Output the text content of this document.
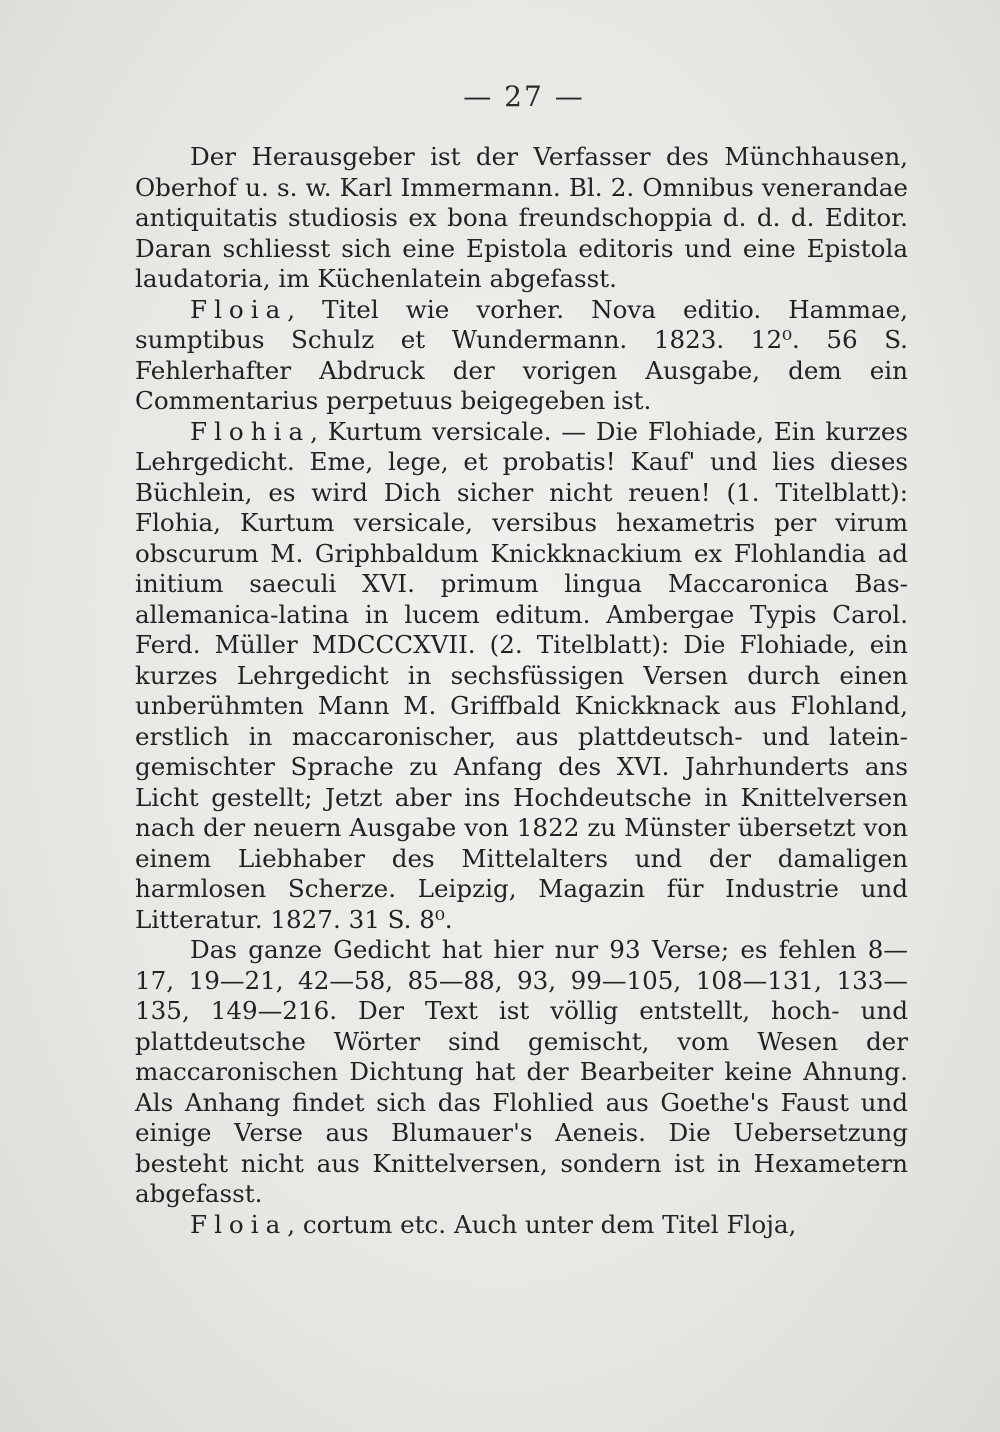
— 27 —

Der Herausgeber ist der Verfasser des Münchhausen, Oberhof u. s. w. Karl Immermann. Bl. 2. Omnibus venerandae antiquitatis studiosis ex bona freundschoppia d. d. d. Editor. Daran schliesst sich eine Epistola editoris und eine Epistola laudatoria, im Küchenlatein abgefasst.

Floia, Titel wie vorher. Nova editio. Hammae, sumptibus Schulz et Wundermann. 1823. 12⁰. 56 S. Fehlerhafter Abdruck der vorigen Ausgabe, dem ein Commentarius perpetuus beigegeben ist.

Flohia, Kurtum versicale. — Die Flohiade, Ein kurzes Lehrgedicht. Eme, lege, et probatis! Kauf' und lies dieses Büchlein, es wird Dich sicher nicht reuen! (1. Titelblatt): Flohia, Kurtum versicale, versibus hexametris per virum obscurum M. Griphbaldum Knickknackium ex Flohlandia ad initium saeculi XVI. primum lingua Maccaronica Bas-allemanica-latina in lucem editum. Ambergae Typis Carol. Ferd. Müller MDCCCXVII. (2. Titelblatt): Die Flohiade, ein kurzes Lehrgedicht in sechsfüssigen Versen durch einen unberühmten Mann M. Griffbald Knickknack aus Flohland, erstlich in maccaronischer, aus plattdeutsch- und latein-gemischter Sprache zu Anfang des XVI. Jahrhunderts ans Licht gestellt; Jetzt aber ins Hochdeutsche in Knittelversen nach der neuern Ausgabe von 1822 zu Münster übersetzt von einem Liebhaber des Mittelalters und der damaligen harmlosen Scherze. Leipzig, Magazin für Industrie und Litteratur. 1827. 31 S. 8⁰.

Das ganze Gedicht hat hier nur 93 Verse; es fehlen 8—17, 19—21, 42—58, 85—88, 93, 99—105, 108—131, 133—135, 149—216. Der Text ist völlig entstellt, hoch- und plattdeutsche Wörter sind gemischt, vom Wesen der maccaronischen Dichtung hat der Bearbeiter keine Ahnung. Als Anhang findet sich das Flohlied aus Goethe's Faust und einige Verse aus Blumauer's Aeneis. Die Uebersetzung besteht nicht aus Knittelversen, sondern ist in Hexametern abgefasst.

Floia, cortum etc. Auch unter dem Titel Floja,
